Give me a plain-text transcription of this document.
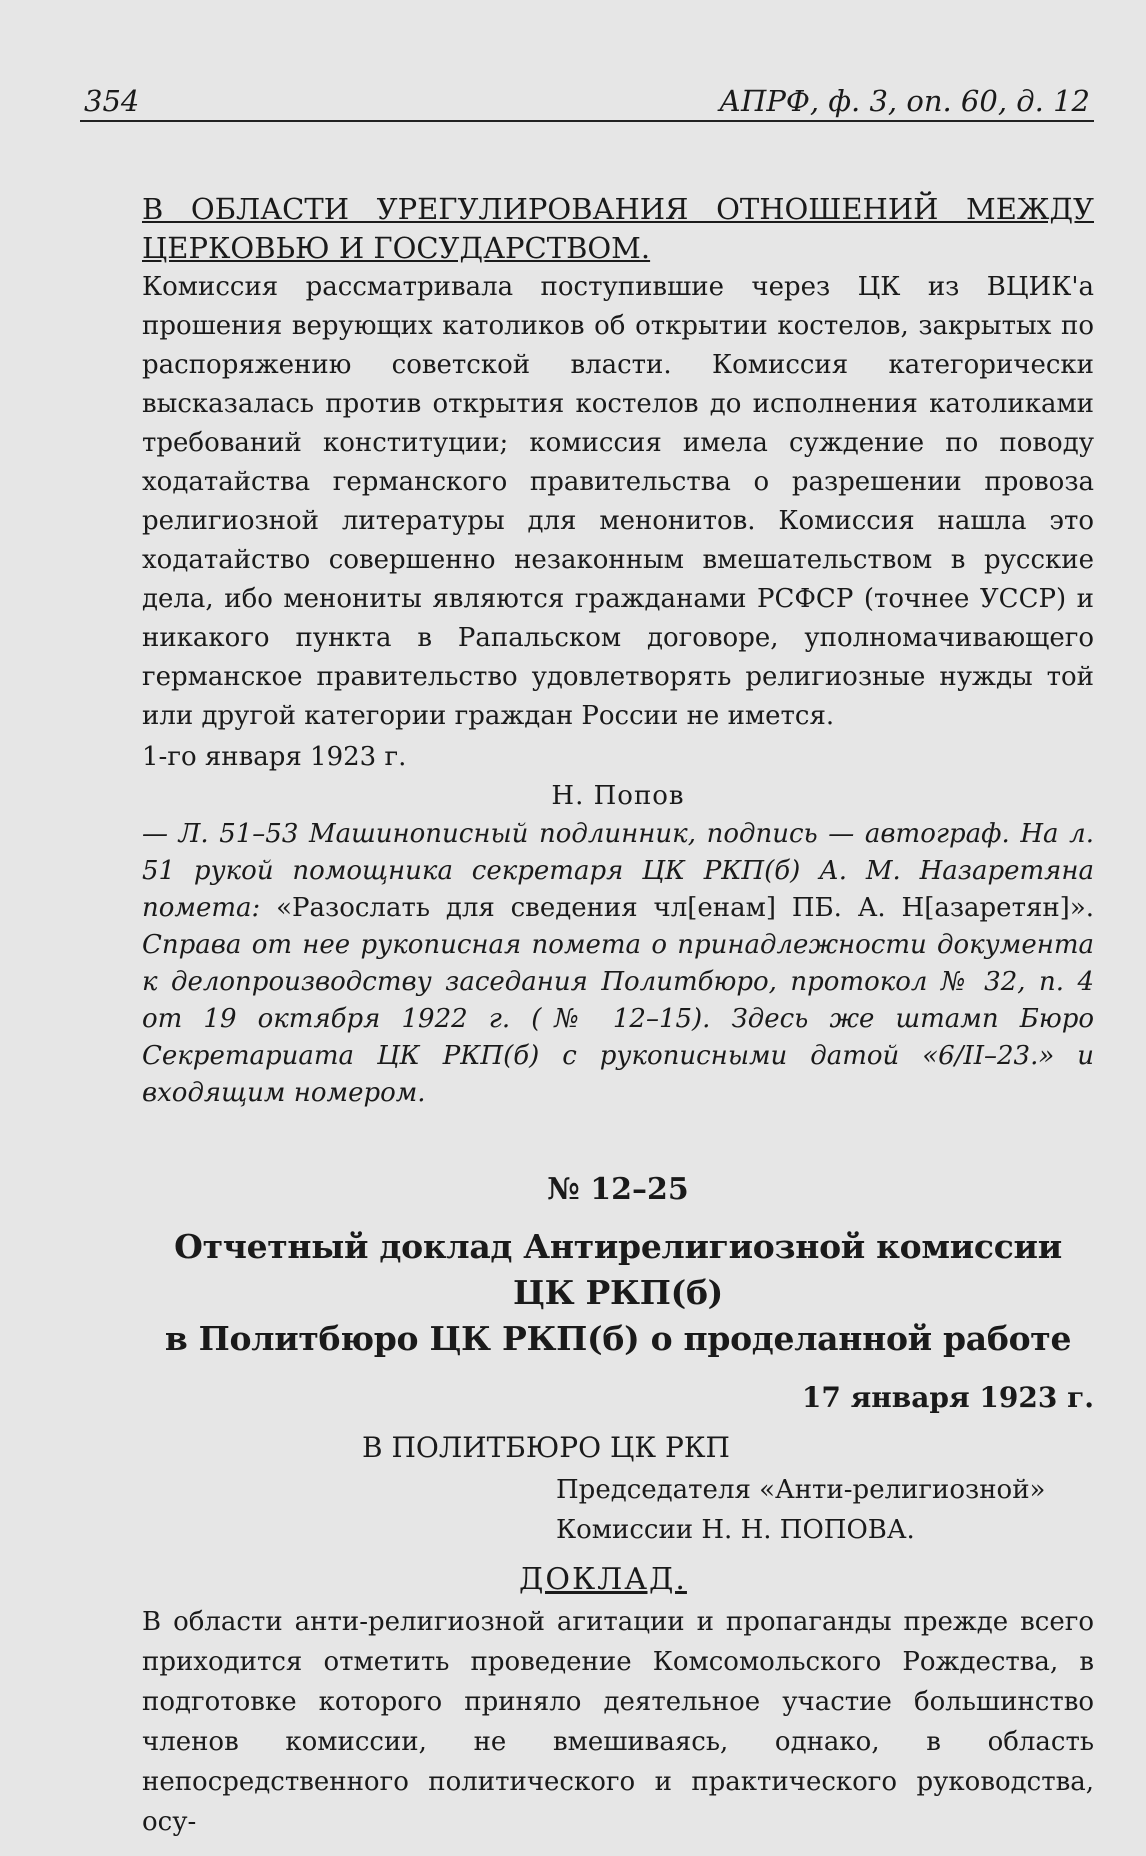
354	АПРФ, ф. 3, оп. 60, д. 12

В ОБЛАСТИ УРЕГУЛИРОВАНИЯ ОТНОШЕНИЙ МЕЖДУ ЦЕРКОВЬЮ И ГОСУДАРСТВОМ.

Комиссия рассматривала поступившие через ЦК из ВЦИК'а прошения верующих католиков об открытии костелов, закрытых по распоряжению советской власти. Комиссия категорически высказалась против открытия костелов до исполнения католиками требований конституции; комиссия имела суждение по поводу ходатайства германского правительства о разрешении провоза религиозной литературы для менонитов. Комиссия нашла это ходатайство совершенно незаконным вмешательством в русские дела, ибо менониты являются гражданами РСФСР (точнее УССР) и никакого пункта в Рапальском договоре, уполномачивающего германское правительство удовлетворять религиозные нужды той или другой категории граждан России не имется.

1-го января 1923 г.

Н. Попов

— Л. 51–53 Машинописный подлинник, подпись — автограф. На л. 51 рукой помощника секретаря ЦК РКП(б) А. М. Назаретяна помета: «Разослать для сведения чл[енам] ПБ. А. Н[азаретян]». Справа от нее рукописная помета о принадлежности документа к делопроизводству заседания Политбюро, протокол № 32, п. 4 от 19 октября 1922 г. (№ 12–15). Здесь же штамп Бюро Секретариата ЦК РКП(б) с рукописными датой «6/II–23.» и входящим номером.

№ 12–25

Отчетный доклад Антирелигиозной комиссии ЦК РКП(б)
в Политбюро ЦК РКП(б) о проделанной работе

17 января 1923 г.

В ПОЛИТБЮРО ЦК РКП

Председателя «Анти-религиозной»

Комиссии Н. Н. ПОПОВА.

ДОКЛАД.

В области анти-религиозной агитации и пропаганды прежде всего приходится отметить проведение Комсомольского Рождества, в подготовке которого приняло деятельное участие большинство членов комиссии, не вмешиваясь, однако, в область непосредственного политического и практического руководства, осу-
